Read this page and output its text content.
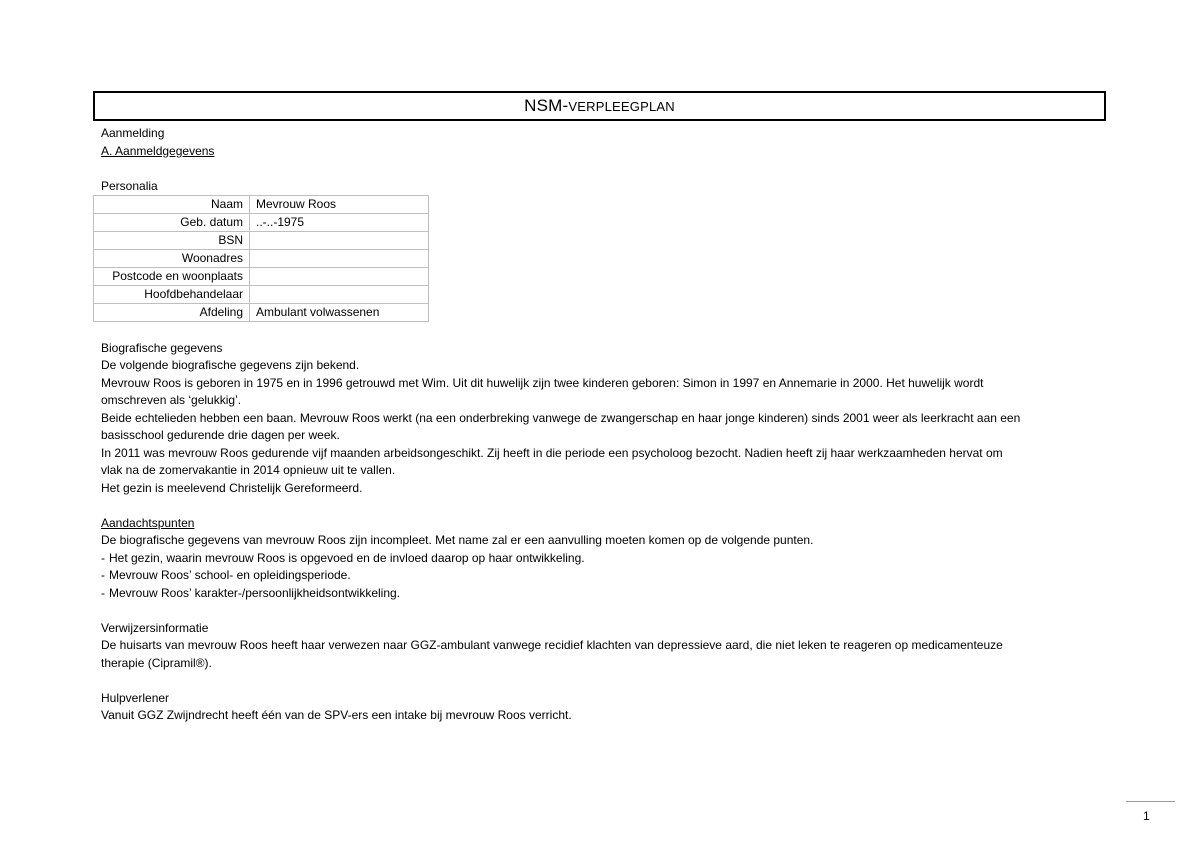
NSM- VERPLEEGPLAN
Aanmelding
A. Aanmeldgegevens
Personalia
Naam	Mevrouw Roos
Geb. datum	..-..-1975
BSN	
Woonadres	
Postcode en woonplaats	
Hoofdbehandelaar	
Afdeling	Ambulant volwassenen
Biografische gegevens
De volgende biografische gegevens zijn bekend.
Mevrouw Roos is geboren in 1975 en in 1996 getrouwd met Wim. Uit dit huwelijk zijn twee kinderen geboren: Simon in 1997 en Annemarie in 2000. Het huwelijk wordt
omschreven als ‘gelukkig’.
Beide echtelieden hebben een baan. Mevrouw Roos werkt (na een onderbreking vanwege de zwangerschap en haar jonge kinderen) sinds 2001 weer als leerkracht aan een
basisschool gedurende drie dagen per week.
In 2011 was mevrouw Roos gedurende vijf maanden arbeidsongeschikt. Zij heeft in die periode een psycholoog bezocht. Nadien heeft zij haar werkzaamheden hervat om
vlak na de zomervakantie in 2014 opnieuw uit te vallen.
Het gezin is meelevend Christelijk Gereformeerd.
Aandachtspunten
De biografische gegevens van mevrouw Roos zijn incompleet. Met name zal er een aanvulling moeten komen op de volgende punten.
- Het gezin, waarin mevrouw Roos is opgevoed en de invloed daarop op haar ontwikkeling.
- Mevrouw Roos’ school- en opleidingsperiode.
- Mevrouw Roos’ karakter-/persoonlijkheidsontwikkeling.
Verwijzersinformatie
De huisarts van mevrouw Roos heeft haar verwezen naar GGZ-ambulant vanwege recidief klachten van depressieve aard, die niet leken te reageren op medicamenteuze
therapie (Cipramil®).
Hulpverlener
Vanuit GGZ Zwijndrecht heeft één van de SPV-ers een intake bij mevrouw Roos verricht.
1
